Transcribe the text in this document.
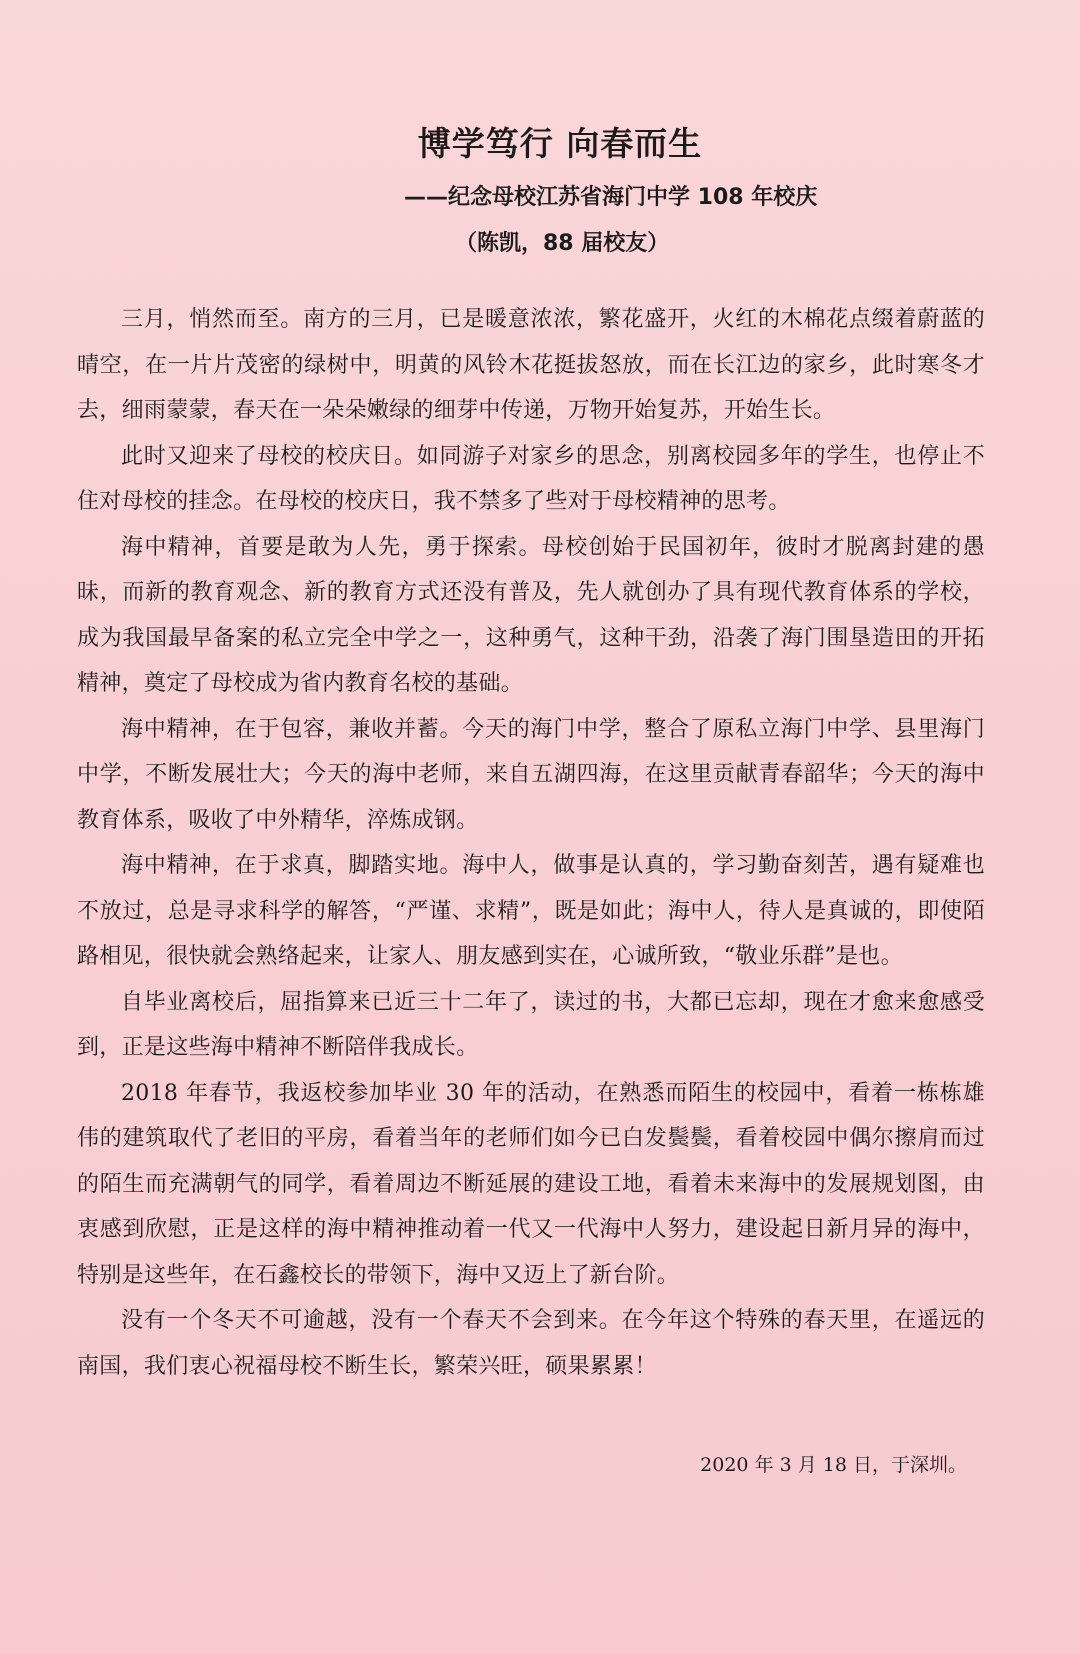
博学笃行 向春而生

——纪念母校江苏省海门中学 108 年校庆

（陈凯，88 届校友）

三月，悄然而至。南方的三月，已是暖意浓浓，繁花盛开，火红的木棉花点缀着蔚蓝的晴空，在一片片茂密的绿树中，明黄的风铃木花挺拔怒放，而在长江边的家乡，此时寒冬才去，细雨蒙蒙，春天在一朵朵嫩绿的细芽中传递，万物开始复苏，开始生长。

此时又迎来了母校的校庆日。如同游子对家乡的思念，别离校园多年的学生，也停止不住对母校的挂念。在母校的校庆日，我不禁多了些对于母校精神的思考。

海中精神，首要是敢为人先，勇于探索。母校创始于民国初年，彼时才脱离封建的愚昧，而新的教育观念、新的教育方式还没有普及，先人就创办了具有现代教育体系的学校，成为我国最早备案的私立完全中学之一，这种勇气，这种干劲，沿袭了海门围垦造田的开拓精神，奠定了母校成为省内教育名校的基础。

海中精神，在于包容，兼收并蓄。今天的海门中学，整合了原私立海门中学、县里海门中学，不断发展壮大；今天的海中老师，来自五湖四海，在这里贡献青春韶华；今天的海中教育体系，吸收了中外精华，淬炼成钢。

海中精神，在于求真，脚踏实地。海中人，做事是认真的，学习勤奋刻苦，遇有疑难也不放过，总是寻求科学的解答，“严谨、求精”，既是如此；海中人，待人是真诚的，即使陌路相见，很快就会熟络起来，让家人、朋友感到实在，心诚所致，“敬业乐群”是也。

自毕业离校后，屈指算来已近三十二年了，读过的书，大都已忘却，现在才愈来愈感受到，正是这些海中精神不断陪伴我成长。

2018 年春节，我返校参加毕业 30 年的活动，在熟悉而陌生的校园中，看着一栋栋雄伟的建筑取代了老旧的平房，看着当年的老师们如今已白发鬓鬓，看着校园中偶尔擦肩而过的陌生而充满朝气的同学，看着周边不断延展的建设工地，看着未来海中的发展规划图，由衷感到欣慰，正是这样的海中精神推动着一代又一代海中人努力，建设起日新月异的海中，特别是这些年，在石鑫校长的带领下，海中又迈上了新台阶。

没有一个冬天不可逾越，没有一个春天不会到来。在今年这个特殊的春天里，在遥远的南国，我们衷心祝福母校不断生长，繁荣兴旺，硕果累累！

2020 年 3 月 18 日，于深圳。
